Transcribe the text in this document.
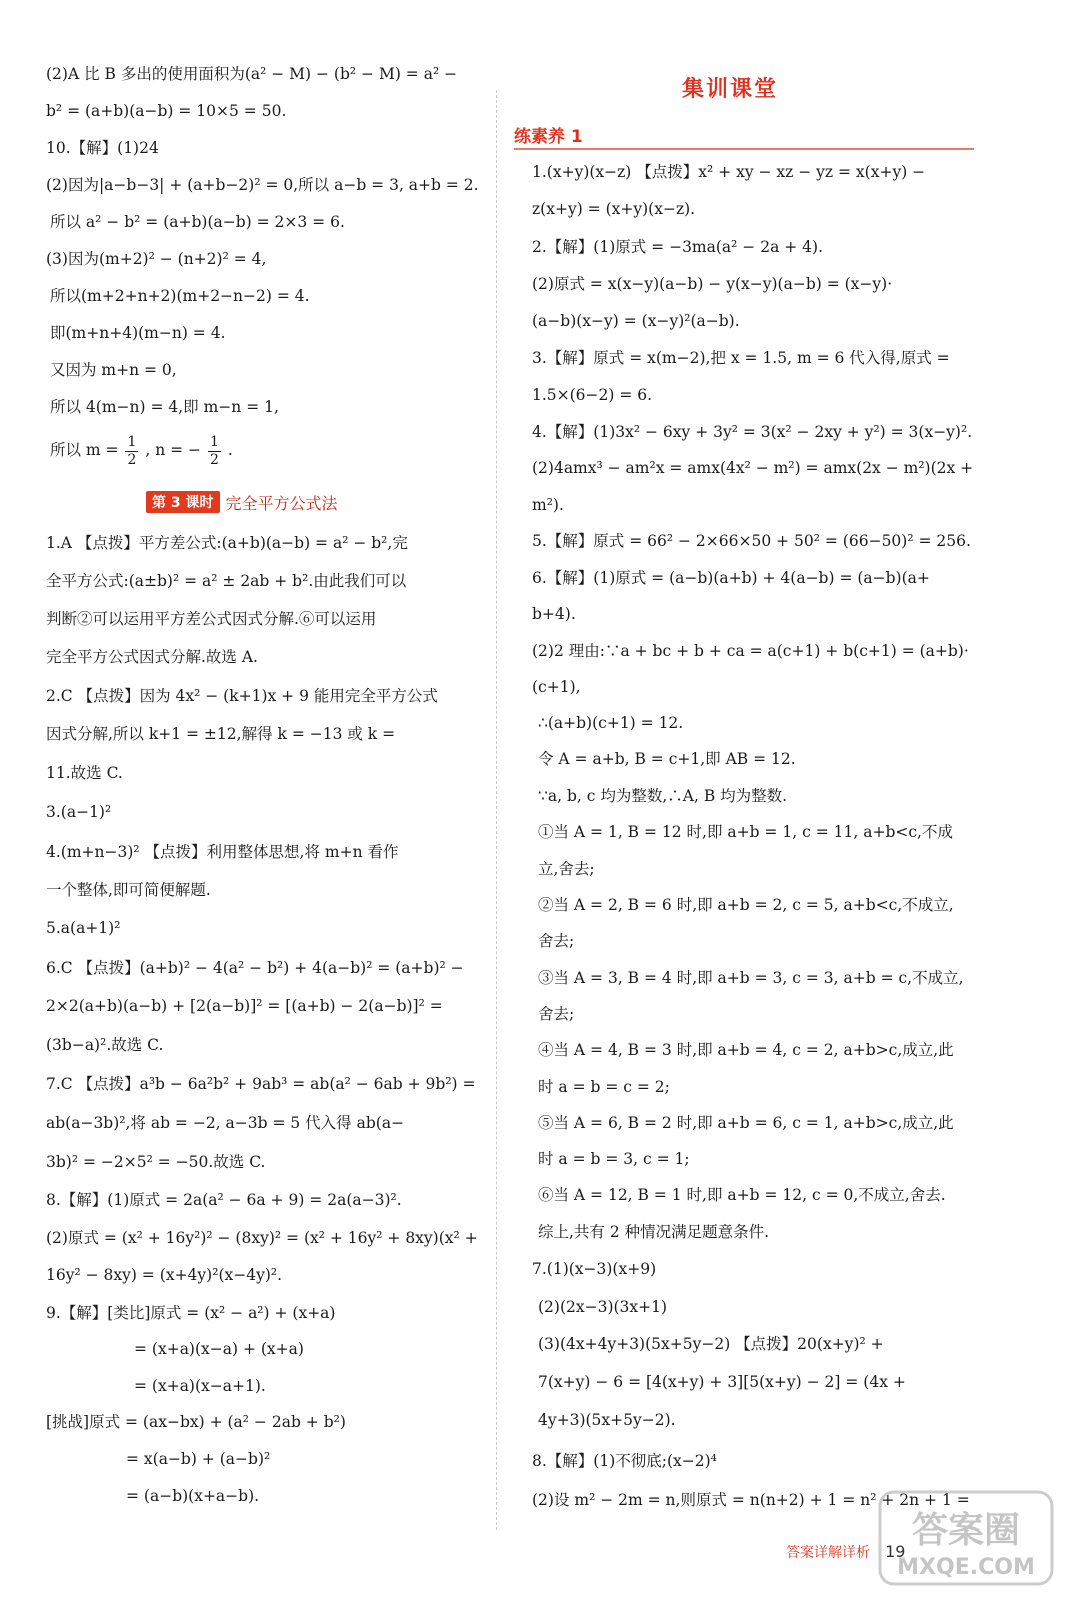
(2)A 比 B 多出的使用面积为(a² − M) − (b² − M) = a² −
b² = (a+b)(a−b) = 10×5 = 50.
10.【解】(1)24
(2)因为|a−b−3| + (a+b−2)² = 0,所以 a−b = 3, a+b = 2.
所以 a² − b² = (a+b)(a−b) = 2×3 = 6.
(3)因为(m+2)² − (n+2)² = 4,
所以(m+2+n+2)(m+2−n−2) = 4.
即(m+n+4)(m−n) = 4.
又因为 m+n = 0,
所以 4(m−n) = 4,即 m−n = 1,
所以 $m = \frac{1}{2}$ , n = − $\frac{1}{2}$ .
第 3 课时 完全平方公式法
1.A 【点拨】平方差公式:(a+b)(a−b) = a² − b²,完
全平方公式:(a±b)² = a² ± 2ab + b².由此我们可以
判断②可以运用平方差公式因式分解.⑥可以运用
完全平方公式因式分解.故选 A.
2.C 【点拨】因为 4x² − (k+1)x + 9 能用完全平方公式
因式分解,所以 k+1 = ±12,解得 k = −13 或 k =
11.故选 C.
3.(a−1)²
4.(m+n−3)² 【点拨】利用整体思想,将 m+n 看作
一个整体,即可简便解题.
5.a(a+1)²
6.C 【点拨】(a+b)² − 4(a² − b²) + 4(a−b)² = (a+b)² −
2×2(a+b)(a−b) + [2(a−b)]² = [(a+b) − 2(a−b)]² =
(3b−a)².故选 C.
7.C 【点拨】a³b − 6a²b² + 9ab³ = ab(a² − 6ab + 9b²) =
ab(a−3b)²,将 ab = −2, a−3b = 5 代入得 ab(a−
3b)² = −2×5² = −50.故选 C.
8.【解】(1)原式 = 2a(a² − 6a + 9) = 2a(a−3)².
(2)原式 = (x² + 16y²)² − (8xy)² = (x² + 16y² + 8xy)(x² +
16y² − 8xy) = (x+4y)²(x−4y)².
9.【解】[类比]原式 = (x² − a²) + (x+a)
= (x+a)(x−a) + (x+a)
= (x+a)(x−a+1).
[挑战]原式 = (ax−bx) + (a² − 2ab + b²)
= x(a−b) + (a−b)²
= (a−b)(x+a−b).
集训课堂
练素养 1
1.(x+y)(x−z) 【点拨】x² + xy − xz − yz = x(x+y) −
z(x+y) = (x+y)(x−z).
2.【解】(1)原式 = −3ma(a² − 2a + 4).
(2)原式 = x(x−y)(a−b) − y(x−y)(a−b) = (x−y)·
(a−b)(x−y) = (x−y)²(a−b).
3.【解】原式 = x(m−2),把 x = 1.5, m = 6 代入得,原式 =
1.5×(6−2) = 6.
4.【解】(1)3x² − 6xy + 3y² = 3(x² − 2xy + y²) = 3(x−y)².
(2)4amx³ − am²x = amx(4x² − m²) = amx(2x − m²)(2x +
m²).
5.【解】原式 = 66² − 2×66×50 + 50² = (66−50)² = 256.
6.【解】(1)原式 = (a−b)(a+b) + 4(a−b) = (a−b)(a+
b+4).
(2)2 理由:∵a + bc + b + ca = a(c+1) + b(c+1) = (a+b)·
(c+1),
∴(a+b)(c+1) = 12.
令 A = a+b, B = c+1,即 AB = 12.
∵a, b, c 均为整数,∴A, B 均为整数.
①当 A = 1, B = 12 时,即 a+b = 1, c = 11, a+b<c,不成
立,舍去;
②当 A = 2, B = 6 时,即 a+b = 2, c = 5, a+b<c,不成立,
舍去;
③当 A = 3, B = 4 时,即 a+b = 3, c = 3, a+b = c,不成立,
舍去;
④当 A = 4, B = 3 时,即 a+b = 4, c = 2, a+b>c,成立,此
时 a = b = c = 2;
⑤当 A = 6, B = 2 时,即 a+b = 6, c = 1, a+b>c,成立,此
时 a = b = 3, c = 1;
⑥当 A = 12, B = 1 时,即 a+b = 12, c = 0,不成立,舍去.
综上,共有 2 种情况满足题意条件.
7.(1)(x−3)(x+9)
(2)(2x−3)(3x+1)
(3)(4x+4y+3)(5x+5y−2) 【点拨】20(x+y)² +
7(x+y) − 6 = [4(x+y) + 3][5(x+y) − 2] = (4x +
4y+3)(5x+5y−2).
8.【解】(1)不彻底;(x−2)⁴
(2)设 m² − 2m = n,则原式 = n(n+2) + 1 = n² + 2n + 1 =
答案详解详析 19
答案圈
MXQE.COM
